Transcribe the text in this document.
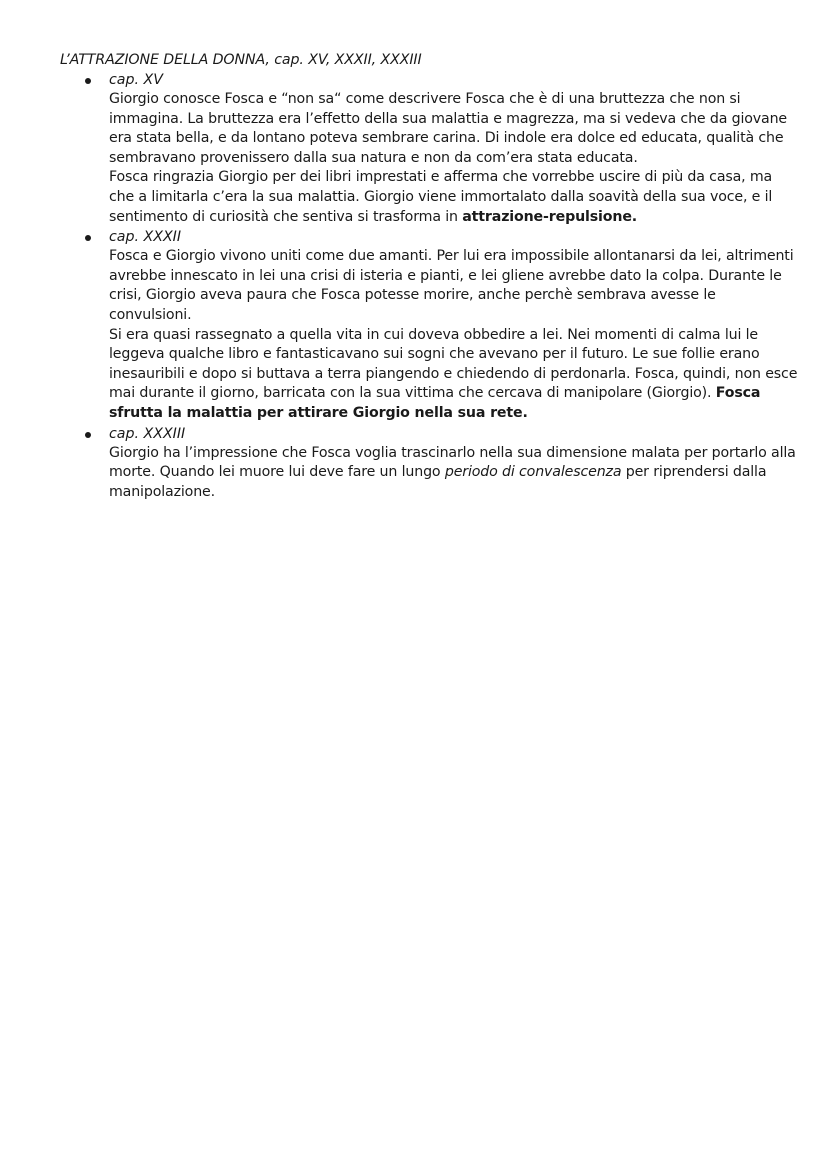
L’ATTRAZIONE DELLA DONNA, cap. XV, XXXII, XXXIII
cap. XV

Giorgio conosce Fosca e “non sa“ come descrivere Fosca che è di una bruttezza che non si immagina. La bruttezza era l’effetto della sua malattia e magrezza, ma si vedeva che da giovane era stata bella, e da lontano poteva sembrare carina. Di indole era dolce ed educata, qualità che sembravano provenissero dalla sua natura e non da com’era stata educata.

Fosca ringrazia Giorgio per dei libri imprestati e afferma che vorrebbe uscire di più da casa, ma che a limitarla c’era la sua malattia. Giorgio viene immortalato dalla soavità della sua voce, e il sentimento di curiosità che sentiva si trasforma in attrazione-repulsione.

cap. XXXII

Fosca e Giorgio vivono uniti come due amanti. Per lui era impossibile allontanarsi da lei, altrimenti avrebbe innescato in lei una crisi di isteria e pianti, e lei gliene avrebbe dato la colpa. Durante le crisi, Giorgio aveva paura che Fosca potesse morire, anche perchè sembrava avesse le convulsioni.

Si era quasi rassegnato a quella vita in cui doveva obbedire a lei. Nei momenti di calma lui le leggeva qualche libro e fantasticavano sui sogni che avevano per il futuro. Le sue follie erano inesauribili e dopo si buttava a terra piangendo e chiedendo di perdonarla. Fosca, quindi, non esce mai durante il giorno, barricata con la sua vittima che cercava di manipolare (Giorgio). Fosca sfrutta la malattia per attirare Giorgio nella sua rete.

cap. XXXIII

Giorgio ha l’impressione che Fosca voglia trascinarlo nella sua dimensione malata per portarlo alla morte. Quando lei muore lui deve fare un lungo periodo di convalescenza per riprendersi dalla manipolazione.
